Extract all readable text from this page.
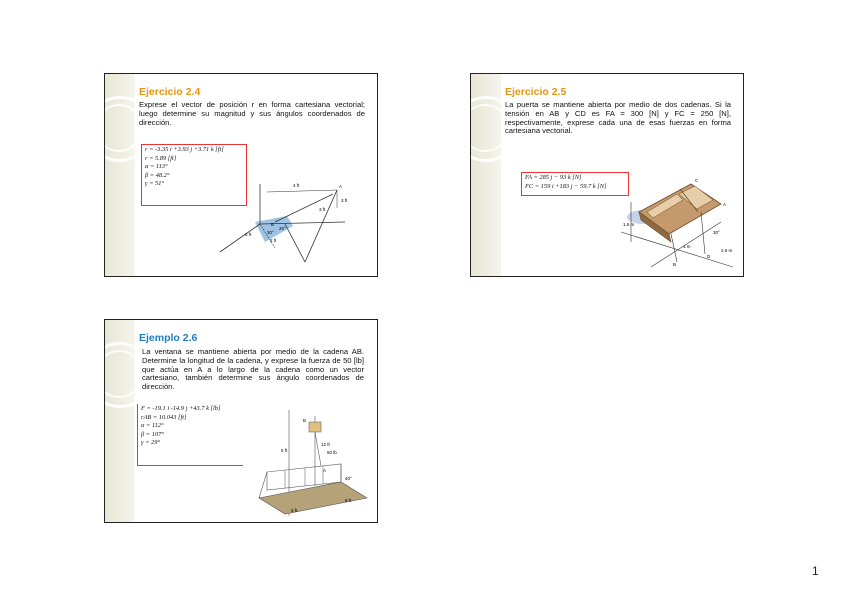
Ejercicio 2.4
Exprese el vector de posición r en forma cartesiana vectorial; luego determine su magnitud y sus ángulos coordenados de dirección.
r = -3.35 i +3.93 j +3.71 k [ft]
r = 5.89 [ft]
α = 113°
β = 48.2°
γ = 51°	4 ft
6 ft
3 ft
3 ft
2 ft
20°
30°
A
B
Ejercicio 2.5
La puerta se mantiene abierta por medio de dos cadenas. Si la tensión en AB y CD es FA = 300 [N] y FC = 250 [N], respectivamente, exprese cada una de esas fuerzas en forma cartesiana vectorial.
FA = 285 j − 93 k [N]
FC = 159 i +183 j − 59.7 k [N]
A
B
C
D
1.5 m
2.5 m
1 m
30°
Ejemplo 2.6
La ventana se mantiene abierta por medio de la cadena AB. Determine la longitud de la cadena, y exprese la fuerza de 50 [lb] que actúa en A a lo largo de la cadena como un vector cartesiano, también determine sus ángulo coordenados de dirección.
F = -19.1 i -14.9 j +43.7 k [lb]
rAB = 10.043 [ft]
α = 112°
β = 107°
γ = 29°
B
A
5 ft
12 ft
8 ft
5 ft
40°
50 lb
1
